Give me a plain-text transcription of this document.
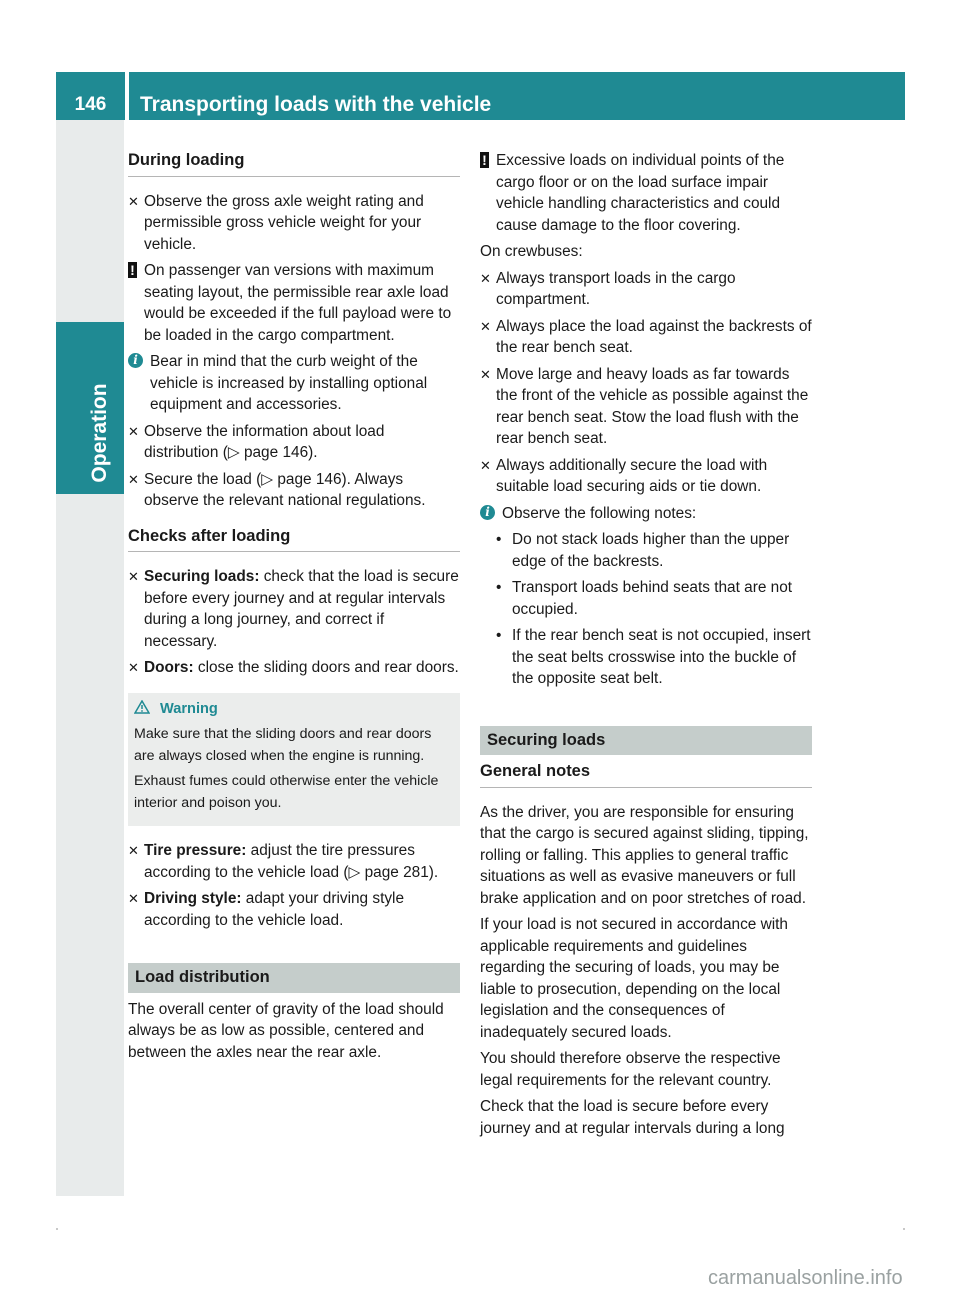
146	Transporting loads with the vehicle
Operation
During loading
✕ Observe the gross axle weight rating and permissible gross vehicle weight for your vehicle.
! On passenger van versions with maximum seating layout, the permissible rear axle load would be exceeded if the full payload were to be loaded in the cargo compartment.
i Bear in mind that the curb weight of the vehicle is increased by installing optional equipment and accessories.
✕ Observe the information about load distribution (▷ page 146).
✕ Secure the load (▷ page 146). Always observe the relevant national regulations.
Checks after loading
✕ Securing loads: check that the load is secure before every journey and at regular intervals during a long journey, and correct if necessary.
✕ Doors: close the sliding doors and rear doors.
Warning

Make sure that the sliding doors and rear doors are always closed when the engine is running.

Exhaust fumes could otherwise enter the vehicle interior and poison you.

✕ Tire pressure: adjust the tire pressures according to the vehicle load (▷ page 281).
✕ Driving style: adapt your driving style according to the vehicle load.
Load distribution
The overall center of gravity of the load should always be as low as possible, centered and between the axles near the rear axle.
! Excessive loads on individual points of the cargo floor or on the load surface impair vehicle handling characteristics and could cause damage to the floor covering.
On crewbuses:
✕ Always transport loads in the cargo compartment.
✕ Always place the load against the backrests of the rear bench seat.
✕ Move large and heavy loads as far towards the front of the vehicle as possible against the rear bench seat. Stow the load flush with the rear bench seat.
✕ Always additionally secure the load with suitable load securing aids or tie down.
i Observe the following notes:
• Do not stack loads higher than the upper edge of the backrests.
• Transport loads behind seats that are not occupied.
• If the rear bench seat is not occupied, insert the seat belts crosswise into the buckle of the opposite seat belt.
Securing loads
General notes
As the driver, you are responsible for ensuring that the cargo is secured against sliding, tipping, rolling or falling. This applies to general traffic situations as well as evasive maneuvers or full brake application and on poor stretches of road.
If your load is not secured in accordance with applicable requirements and guidelines regarding the securing of loads, you may be liable to prosecution, depending on the local legislation and the consequences of inadequately secured loads.
You should therefore observe the respective legal requirements for the relevant country.
Check that the load is secure before every journey and at regular intervals during a long
carmanualsonline.info
